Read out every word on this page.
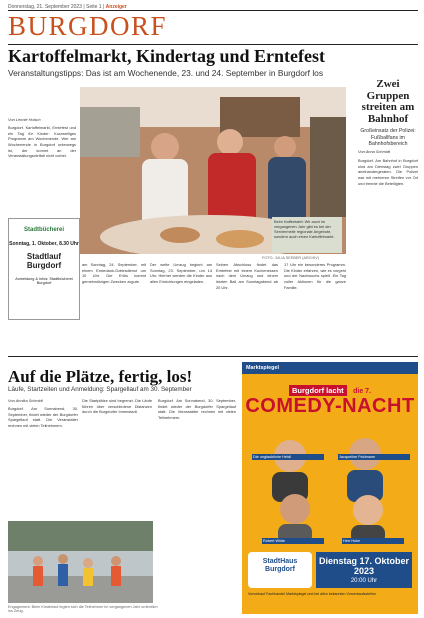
Donnerstag, 21. September 2023 | Seite 1 | Anzeiger
BURGDORF
Kartoffelmarkt, Kindertag und Erntefest
Veranstaltungstipps: Das ist am Wochenende, 23. und 24. September in Burgdorf los
Von Leonie Holsch
Burgdorf. Kartoffelmarkt, Erntefest und ein Tag für Kinder: Kurzweiliges Programm am Wochenende. Wer am Wochenende in Burgdorf unterwegs ist, der kommt an der Veranstaltungsvielfalt nicht vorbei.
Beim Kaffeetafel: Wir auch im vergangenen Jahr gibt es bei der Serviermeile regionale Angebote, sondern auch einen Kartoffelmarkt.
FOTO: JULIA SEEBER (ARCHIV)
am Sonntag, 24. September, mit einem Erntedank-Gottesdienst um 10 Uhr. Der Erlös kommt gemeinnützigen Zwecken zugute.
Der weite Umzug beginnt am Sonntag, 23. September, um 14 Uhr. Hierher werden die Kinder aus allen Einrichtungen eingeladen.
Seinen Abschluss findet das Erntefest mit einem Kuchenessen nach dem Umzug und einem letzten Ball am Sonntagabend ab 20 Uhr.
17 Uhr ein besonderes Programm. Die Kinder erfahren, wie es vorgeht und der Nachwuchs spielt. Ein Tag voller Aktionen für die ganze Familie.
Zwei Gruppen streiten am Bahnhof
Großeinsatz der Polizei: Fußballfans im Bahnhofsbereich
Von Anna Schmidt
Burgdorf. Am Bahnhof in Burgdorf sind am Dienstag zwei Gruppen aneinandergeraten. Die Polizei war mit mehreren Streifen vor Ort und trennte die Beteiligten.
Stadtbücherei
Sonntag, 1. Oktober, 8.30 Uhr
Stadtlauf Burgdorf
Anmeldung & Infos: Stadtbücherei Burgdorf
Auf die Plätze, fertig, los!
Läufe, Startzeiten und Anmeldung: Spargellauf am 30. September
Von Annika Schmidt
Burgdorf. Am Sonnabend, 30. September, findet wieder der Burgdorfer Spargellauf statt. Die Veranstalter rechnen mit vielen Teilnehmern.
Die Startplätze sind begrenzt. Die Läufe führen über verschiedene Distanzen durch die Burgdorfer Innenstadt.
Burgdorf. Am Sonnabend, 30. September, findet wieder der Burgdorfer Spargellauf statt. Die Veranstalter rechnen mit vielen Teilnehmern.
Engagement: Beim Kinderlauf legten sich die Teilnehmer im vergangenen Jahr ordentlich ins Zeug.
Marktspiegel
Burgdorf lacht die 7.
COMEDY-NACHT
Die unglaubliche Heidi	Jacqueline Feldmann
Robert Wilde	Herr Holm
StadtHaus Burgdorf
Dienstag 17. Oktober 2023
20:00 Uhr
Vorverkauf Fachhandel Marktspiegel und bei allen bekannten Vorverkaufsstellen
